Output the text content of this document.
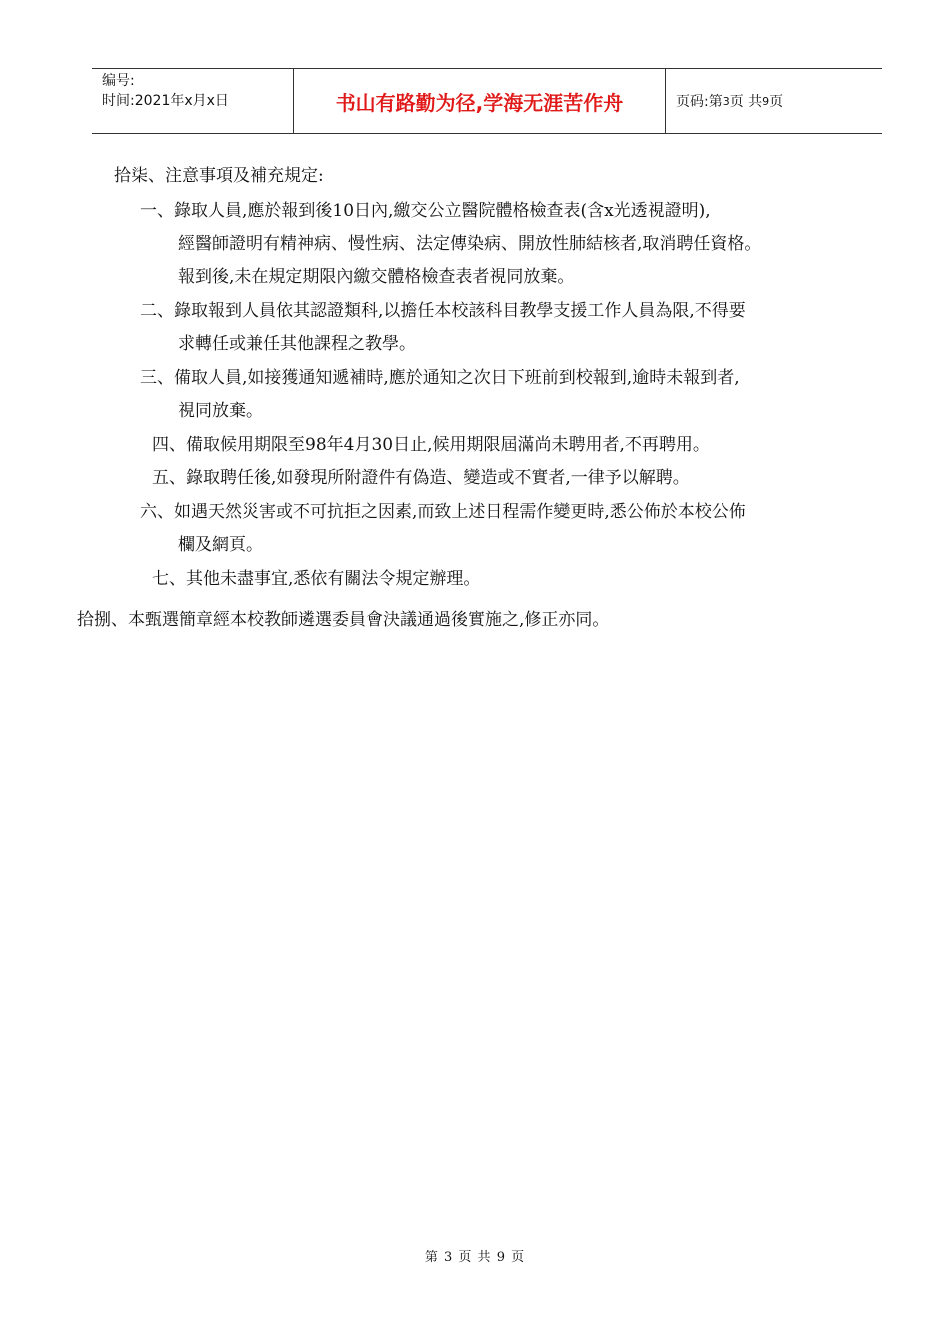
编号:
时间:2021年x月x日	书山有路勤为径,学海无涯苦作舟	页码:第 3 页 共 9 页
拾柒、注意事項及補充規定:
一、錄取人員,應於報到後10日內,繳交公立醫院體格檢查表(含x光透視證明),
經醫師證明有精神病、慢性病、法定傳染病、開放性肺結核者,取消聘任資格。
報到後,未在規定期限內繳交體格檢查表者視同放棄。
二、錄取報到人員依其認證類科,以擔任本校該科目教學支援工作人員為限,不得要
求轉任或兼任其他課程之教學。
三、備取人員,如接獲通知遞補時,應於通知之次日下班前到校報到,逾時未報到者,
視同放棄。
四、備取候用期限至98年4月30日止,候用期限屆滿尚未聘用者,不再聘用。
五、錄取聘任後,如發現所附證件有偽造、變造或不實者,一律予以解聘。
六、如遇天然災害或不可抗拒之因素,而致上述日程需作變更時,悉公佈於本校公佈
欄及網頁。
七、其他未盡事宜,悉依有關法令規定辦理。
拾捌、本甄選簡章經本校教師遴選委員會決議通過後實施之,修正亦同。
第 3 页 共 9 页
